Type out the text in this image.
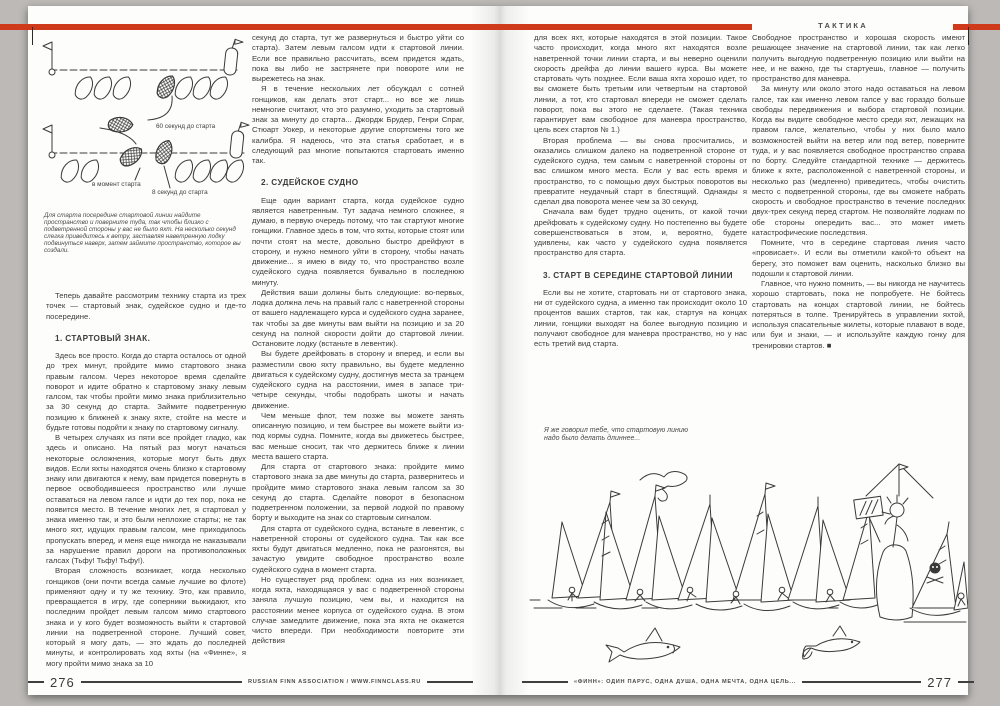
ТАКТИКА
60 секунд до старта
в момент старта
8 секунд до старта
Для старта посередине стартовой линии найдите пространство и поверните туда, так чтобы близко с подветренной стороны у вас не было яхт. На несколько секунд слегка приведитесь к ветру, заставляя наветренную лодку подвинуться наверх, затем займите пространство, которое вы создали.

Теперь давайте рассмотрим технику старта из трех точек — стартовый знак, судейское судно и где-то посередине.

1. СТАРТОВЫЙ ЗНАК.

Здесь все просто. Когда до старта осталось от одной до трех минут, пройдите мимо стартового знака правым галсом. Через некоторое время сделайте поворот и идите обратно к стартовому знаку левым галсом, так чтобы пройти мимо знака приблизительно за 30 секунд до старта. Займите подветренную позицию к ближней к знаку яхте, стойте на месте и будьте готовы подойти к знаку по стартовому сигналу.

В четырех случаях из пяти все пройдет гладко, как здесь и описано. На пятый раз могут начаться некоторые осложнения, которые могут быть двух видов. Если яхты находятся очень близко к стартовому знаку или двигаются к нему, вам придется повернуть в первое освободившееся пространство или лучше оставаться на левом галсе и идти до тех пор, пока не появится место. В течение многих лет, я стартовал у знака именно так, и это были неплохие старты; не так много яхт, идущих правым галсом, мне приходилось пропускать вперед, и меня еще никогда не наказывали за нарушение правил дороги на противоположных галсах (Тьфу! Тьфу! Тьфу!).

Вторая сложность возникает, когда несколько гонщиков (они почти всегда самые лучшие во флоте) применяют одну и ту же технику. Это, как правило, превращается в игру, где соперники выжидают, кто последним пройдет левым галсом мимо стартового знака и у кого будет возможность выйти к стартовой линии на подветренной стороне. Лучший совет, который я могу дать, — это ждать до последней минуты, и контролировать ход яхты (на «Финне», я могу пройти мимо знака за 10

секунд до старта, тут же развернуться и быстро уйти со старта). Затем левым галсом идти к стартовой линии. Если все правильно рассчитать, всем придется ждать, пока вы либо не застрянете при повороте или не вырежетесь на знак.

Я в течение нескольких лет обсуждал с сотней гонщиков, как делать этот старт... но все же лишь немногие считают, что это разумно, уходить за стартовый знак за минуту до старта... Джордж Брудер, Генри Спраг, Стюарт Уокер, и некоторые другие спортсмены того же калибра. Я надеюсь, что эта статья сработает, и в следующий раз многие попытаются стартовать именно так.

2. СУДЕЙСКОЕ СУДНО

Еще один вариант старта, когда судейское судно является наветренным. Тут задача немного сложнее, я думаю, в первую очередь потому, что так стартуют многие гонщики. Главное здесь в том, что яхты, которые стоят или почти стоят на месте, довольно быстро дрейфуют в сторону, и нужно немного уйти в сторону, чтобы начать движение... я имею в виду то, что пространство возле судейского судна появляется буквально в последнюю минуту.

Действия ваши должны быть следующие: во-первых, лодка должна лечь на правый галс с наветренной стороны от вашего надлежащего курса и судейского судна заранее, так чтобы за две минуты вам выйти на позицию и за 20 секунд на полной скорости дойти до стартовой линии. Остановите лодку (встаньте в левентик).

Вы будете дрейфовать в сторону и вперед, и если вы разместили свою яхту правильно, вы будете медленно двигаться к судейскому судну, достигнув места за транцем судейского судна на расстоянии, имея в запасе три-четыре секунды, чтобы подобрать шкоты и начать движение.

Чем меньше флот, тем позже вы можете занять описанную позицию, и тем быстрее вы можете выйти из-под кормы судна. Помните, когда вы движетесь быстрее, вас меньше сносит, так что держитесь ближе к линии места вашего старта.

Для старта от стартового знака: пройдите мимо стартового знака за две минуты до старта, развернитесь и пройдите мимо стартового знака левым галсом за 30 секунд до старта. Сделайте поворот в безопасном подветренном положении, за первой лодкой по правому борту и выходите на знак со стартовым сигналом.

Для старта от судейского судна, встаньте в левентик, с наветренной стороны от судейского судна. Так как все яхты будут двигаться медленно, пока не разгонятся, вы зачастую увидите свободное пространство возле судейского судна в момент старта.

Но существует ряд проблем: одна из них возникает, когда яхта, находящаяся у вас с подветренной стороны заняла лучшую позицию, чем вы, и находится на расстоянии менее корпуса от судейского судна. В этом случае замедлите движение, пока эта яхта не окажется чисто впереди. При необходимости повторите эти действия

276	RUSSIAN FINN ASSOCIATION / WWW.FINNCLASS.RU

для всех яхт, которые находятся в этой позиции. Такое часто происходит, когда много яхт находятся возле наветренной точки линии старта, и вы неверно оценили скорость дрейфа до линии вашего курса. Вы можете стартовать чуть позднее. Если ваша яхта хорошо идет, то вы сможете быть третьим или четвертым на стартовой линии, а тот, кто стартовал впереди не сможет сделать поворот, пока вы этого не сделаете. (Такая техника гарантирует вам свободное для маневра пространство, цель всех стартов № 1.)

Вторая проблема — вы снова просчитались, и оказались слишком далеко на подветренной стороне от судейского судна, тем самым с наветренной стороны от вас слишком много места. Если у вас есть время и пространство, то с помощью двух быстрых поворотов вы превратите неудачный старт в блестящий. Однажды я сделал два поворота менее чем за 30 секунд.

Сначала вам будет трудно оценить, от какой точки дрейфовать к судейскому судну. Но постепенно вы будете совершенствоваться в этом, и, вероятно, будете удивлены, как часто у судейского судна появляется пространство для старта.

3. СТАРТ В СЕРЕДИНЕ СТАРТОВОЙ ЛИНИИ

Если вы не хотите, стартовать ни от стартового знака, ни от судейского судна, а именно так происходит около 10 процентов ваших стартов, так как, стартуя на концах линии, гонщики выходят на более выгодную позицию и получают свободное для маневра пространство, но у нас есть третий вид старта.

Свободное пространство и хорошая скорость имеют решающее значение на стартовой линии, так как легко получить выгодную подветренную позицию или выйти на нее, и не важно, где ты стартуешь, главное — получить пространство для маневра.

За минуту или около этого надо оставаться на левом галсе, так как именно левом галсе у вас гораздо больше свободы передвижения и выбора стартовой позиции. Когда вы видите свободное место среди яхт, лежащих на правом галсе, желательно, чтобы у них было мало возможностей выйти на ветер или под ветер, поверните туда, и у вас появляется свободное пространство справа по борту. Следуйте стандартной технике — держитесь ближе к яхте, расположенной с наветренной стороны, и несколько раз (медленно) приведитесь, чтобы очистить место с подветренной стороны, где вы сможете набрать скорость и свободное пространство в течение последних двух-трех секунд перед стартом. Не позволяйте лодкам по обе стороны опередить вас... это может иметь катастрофические последствия.

Помните, что в середине стартовая линия часто «провисает». И если вы отметили какой-то объект на берегу, это поможет вам оценить, насколько близко вы подошли к стартовой линии.

Главное, что нужно помнить, — вы никогда не научитесь хорошо стартовать, пока не попробуете. Не бойтесь стартовать на концах стартовой линии, не бойтесь потеряться в толпе. Тренируйтесь в управлении яхтой, используя спасательные жилеты, которые плавают в воде, или буи и знаки, — и используйте каждую гонку для тренировки стартов. ■

Я же говорил тебе, что стартовую линию надо было делать длиннее...
«ФИНН»: ОДИН ПАРУС, ОДНА ДУША, ОДНА МЕЧТА, ОДНА ЦЕЛЬ...	277
